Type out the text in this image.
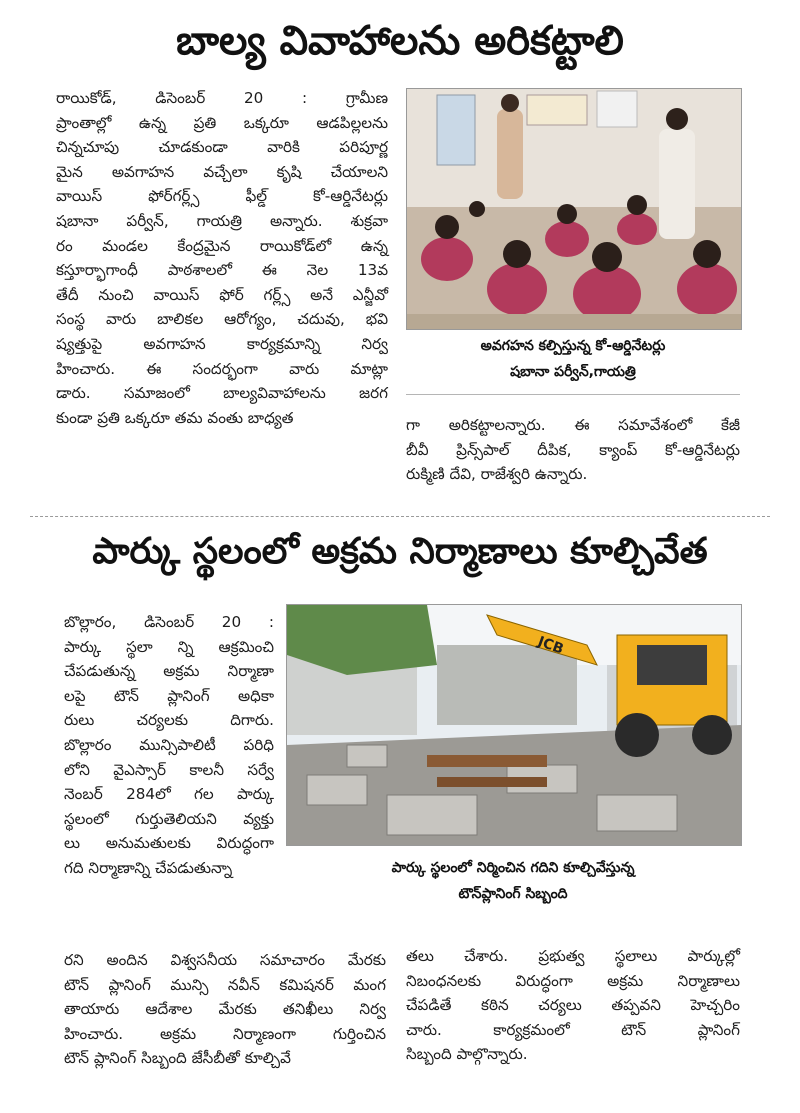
బాల్య వివాహాలను అరికట్టాలి

రాయికోడ్, డిసెంబర్ 20 : గ్రామీణ

ప్రాంతాల్లో ఉన్న ప్రతి ఒక్కరూ ఆడపిల్లలను

చిన్నచూపు చూడకుండా వారికి పరిపూర్ణ

మైన అవగాహన వచ్చేలా కృషి చేయాలని

వాయిస్ ఫోర్‌గర్ల్స్ ఫీల్డ్ కో-ఆర్డినేటర్లు

షబానా పర్వీన్, గాయత్రి అన్నారు. శుక్రవా

రం మండల కేంద్రమైన రాయికోడ్‌లో ఉన్న

కస్తూర్భాగాంధీ పాఠశాలలో ఈ నెల 13వ

తేదీ నుంచి వాయిస్ ఫోర్ గర్ల్స్ అనే ఎన్జీవో

సంస్థ వారు బాలికల ఆరోగ్యం, చదువు, భవి

ష్యత్తుపై అవగాహన కార్యక్రమాన్ని నిర్వ

హించారు. ఈ సందర్భంగా వారు మాట్లా

డారు. సమాజంలో బాల్యవివాహాలను జరగ

కుండా ప్రతి ఒక్కరూ తమ వంతు బాధ్యత

అవగహన కల్పిస్తున్న కో-ఆర్డినేటర్లు
షబానా పర్వీన్,గాయత్రి

గా అరికట్టాలన్నారు. ఈ సమావేశంలో కేజీ

బీవీ ప్రిన్స్‌పాల్ దీపిక, క్యాంప్ కో-ఆర్డినేటర్లు

రుక్మిణి దేవి, రాజేశ్వరి ఉన్నారు.

పార్కు స్థలంలో అక్రమ నిర్మాణాలు కూల్చివేత

బొల్లారం, డిసెంబర్ 20 :

పార్కు స్థలా న్ని ఆక్రమించి

చేపడుతున్న అక్రమ నిర్మాణా

లపై టౌన్ ప్లానింగ్ అధికా

రులు చర్యలకు దిగారు.

బొల్లారం మున్సిపాలిటీ పరిధి

లోని వైఎస్సార్ కాలనీ సర్వే

నెంబర్ 284లో గల పార్కు

స్థలంలో గుర్తుతెలియని వ్యక్తు

లు అనుమతులకు విరుద్ధంగా

గది నిర్మాణాన్ని చేపడుతున్నా

JCB
పార్కు స్థలంలో నిర్మించిన గదిని కూల్చివేస్తున్న
టౌన్‌ప్లానింగ్ సిబ్బంది

రని అందిన విశ్వసనీయ సమాచారం మేరకు

టౌన్ ప్లానింగ్ మున్సి నవీన్ కమిషనర్ మంగ

తాయారు ఆదేశాల మేరకు తనిఖీలు నిర్వ

హించారు. అక్రమ నిర్మాణంగా గుర్తించిన

టౌన్ ప్లానింగ్ సిబ్బంది జేసీబీతో కూల్చివే

తలు చేశారు. ప్రభుత్వ స్థలాలు పార్కుల్లో

నిబంధనలకు విరుద్ధంగా అక్రమ నిర్మాణాలు

చేపడితే కఠిన చర్యలు తప్పవని హెచ్చరిం

చారు. కార్యక్రమంలో టౌన్ ప్లానింగ్

సిబ్బంది పాల్గొన్నారు.
